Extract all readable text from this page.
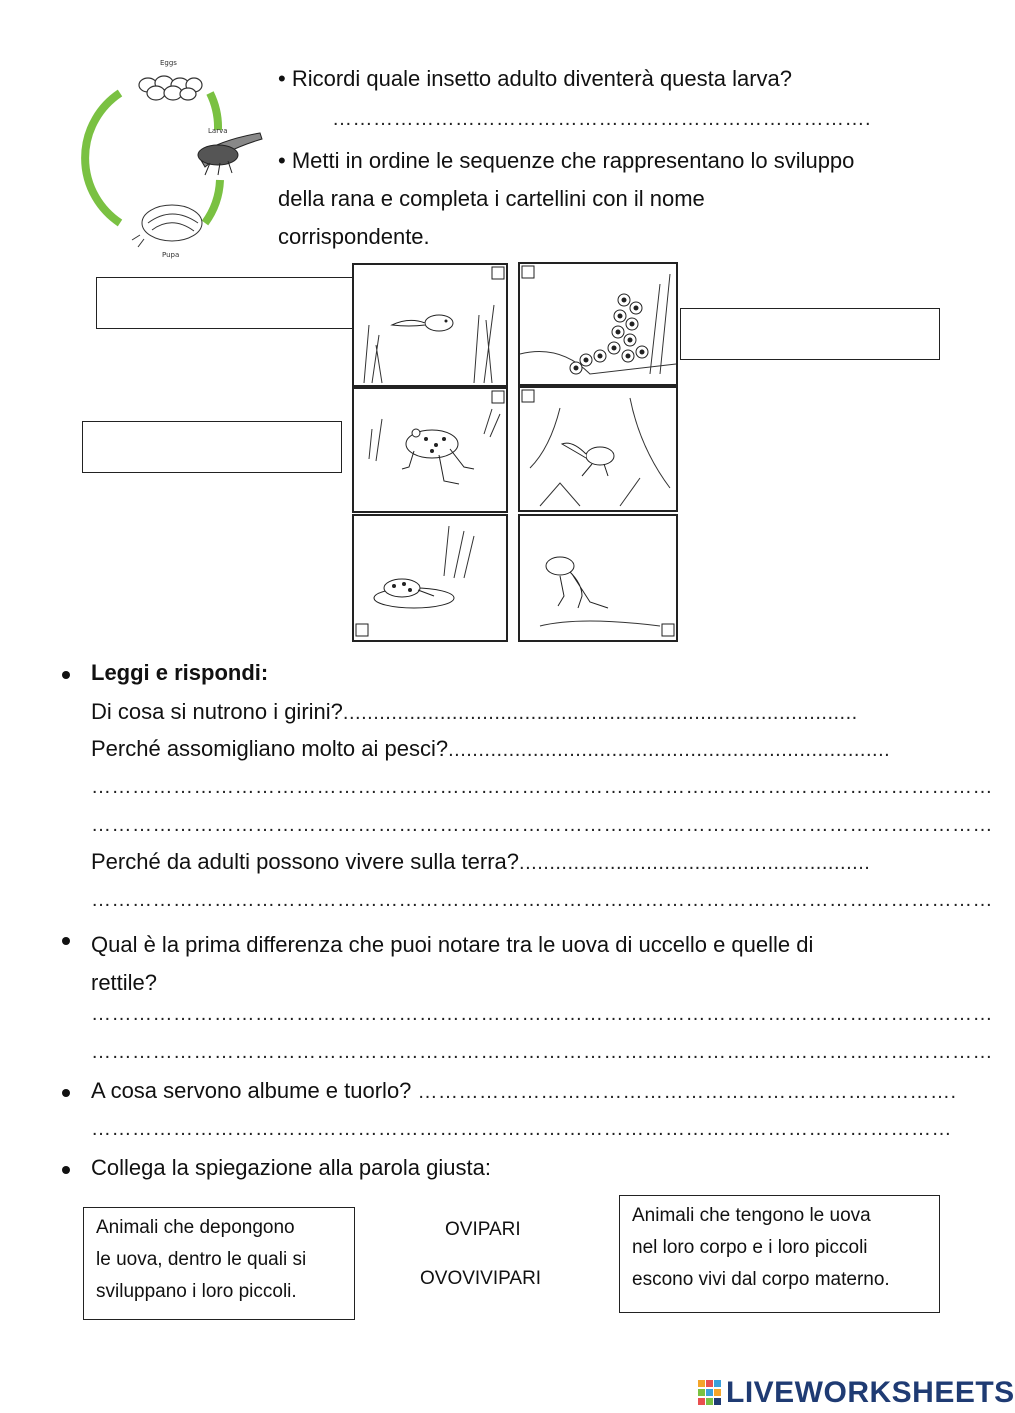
Eggs
Larva
Pupa
• Ricordi quale insetto adulto diventerà questa larva?
…………………………………………………………………….
• Metti in ordine le sequenze che rappresentano lo sviluppo
della rana e completa i cartellini con il nome
corrispondente.
Leggi e rispondi:
Di cosa si nutrono i girini?.....................................................................................
Perché assomigliano molto ai pesci?.........................................................................
……………………………………………………………………………………………………………………
……………………………………………………………………………………………………………………
Perché da adulti possono vivere sulla terra?..........................................................
……………………………………………………………………………………………………………………
Qual è la prima differenza che puoi notare tra le uova di uccello e quelle di
rettile?
……………………………………………………………………………………………………………………
……………………………………………………………………………………………………………………
A cosa servono albume e tuorlo? …………………………………………………………………….
………………………………………………………………………………………………………………
Collega la spiegazione alla parola giusta:
Animali che depongono
le uova, dentro le quali si
sviluppano i loro piccoli.
OVIPARI
OVOVIVIPARI
Animali che tengono le uova
nel loro corpo e i loro piccoli
escono vivi dal corpo materno.
LIVEWORKSHEETS
